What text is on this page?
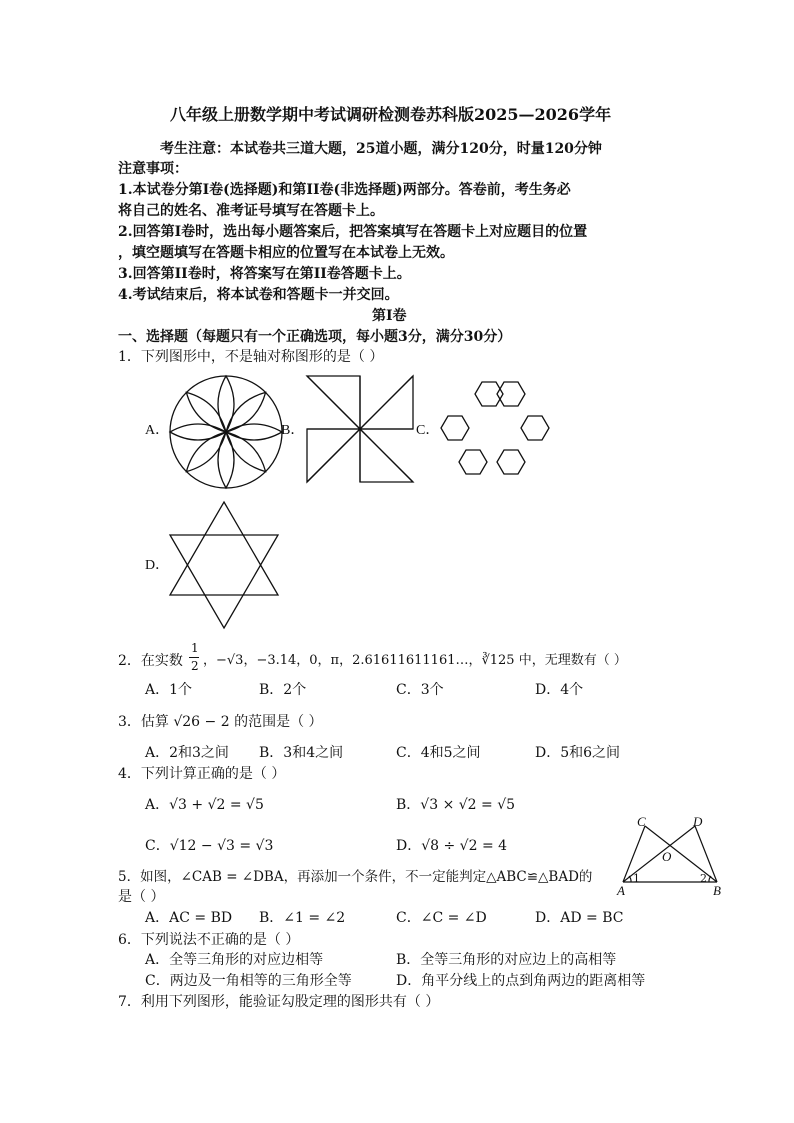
八年级上册数学期中考试调研检测卷苏科版2025—2026学年
考生注意：本试卷共三道大题，25道小题，满分120分，时量120分钟
注意事项：
1.本试卷分第Ⅰ卷(选择题)和第II卷(非选择题)两部分。答卷前，考生务必
将自己的姓名、准考证号填写在答题卡上。
2.回答第Ⅰ卷时，选出每小题答案后，把答案填写在答题卡上对应题目的位置
，填空题填写在答题卡相应的位置写在本试卷上无效。
3.回答第II卷时，将答案写在第II卷答题卡上。
4.考试结束后，将本试卷和答题卡一并交回。
第Ⅰ卷
一、选择题（每题只有一个正确选项，每小题3分，满分30分）
1．下列图形中，不是轴对称图形的是（ ）
A．	B．	C．
D．
2．在实数
1
2 ，−√3，−3.14，0，π，2.61611611161…，∛125 中，无理数有（ ）
A．1个	B．2个	C．3个	D．4个
3．估算 √26 − 2 的范围是（ ）
A．2和3之间 B．3和4之间	C．4和5之间	D．5和6之间
4．下列计算正确的是（ ）
A．√3 + √2 = √5	B．√3 × √2 = √5
C．√12 − √3 = √3	D．√8 ÷ √2 = 4
C	D
O
A	B
1	2
5．如图，∠CAB = ∠DBA，再添加一个条件，不一定能判定△ABC≌△BAD的
是（ ）
A．AC = BD B．∠1 = ∠2	C．∠C = ∠D	D．AD = BC
6．下列说法不正确的是（ ）
A．全等三角形的对应边相等	B．全等三角形的对应边上的高相等
C．两边及一角相等的三角形全等	D．角平分线上的点到角两边的距离相等
7．利用下列图形，能验证勾股定理的图形共有（ ）
